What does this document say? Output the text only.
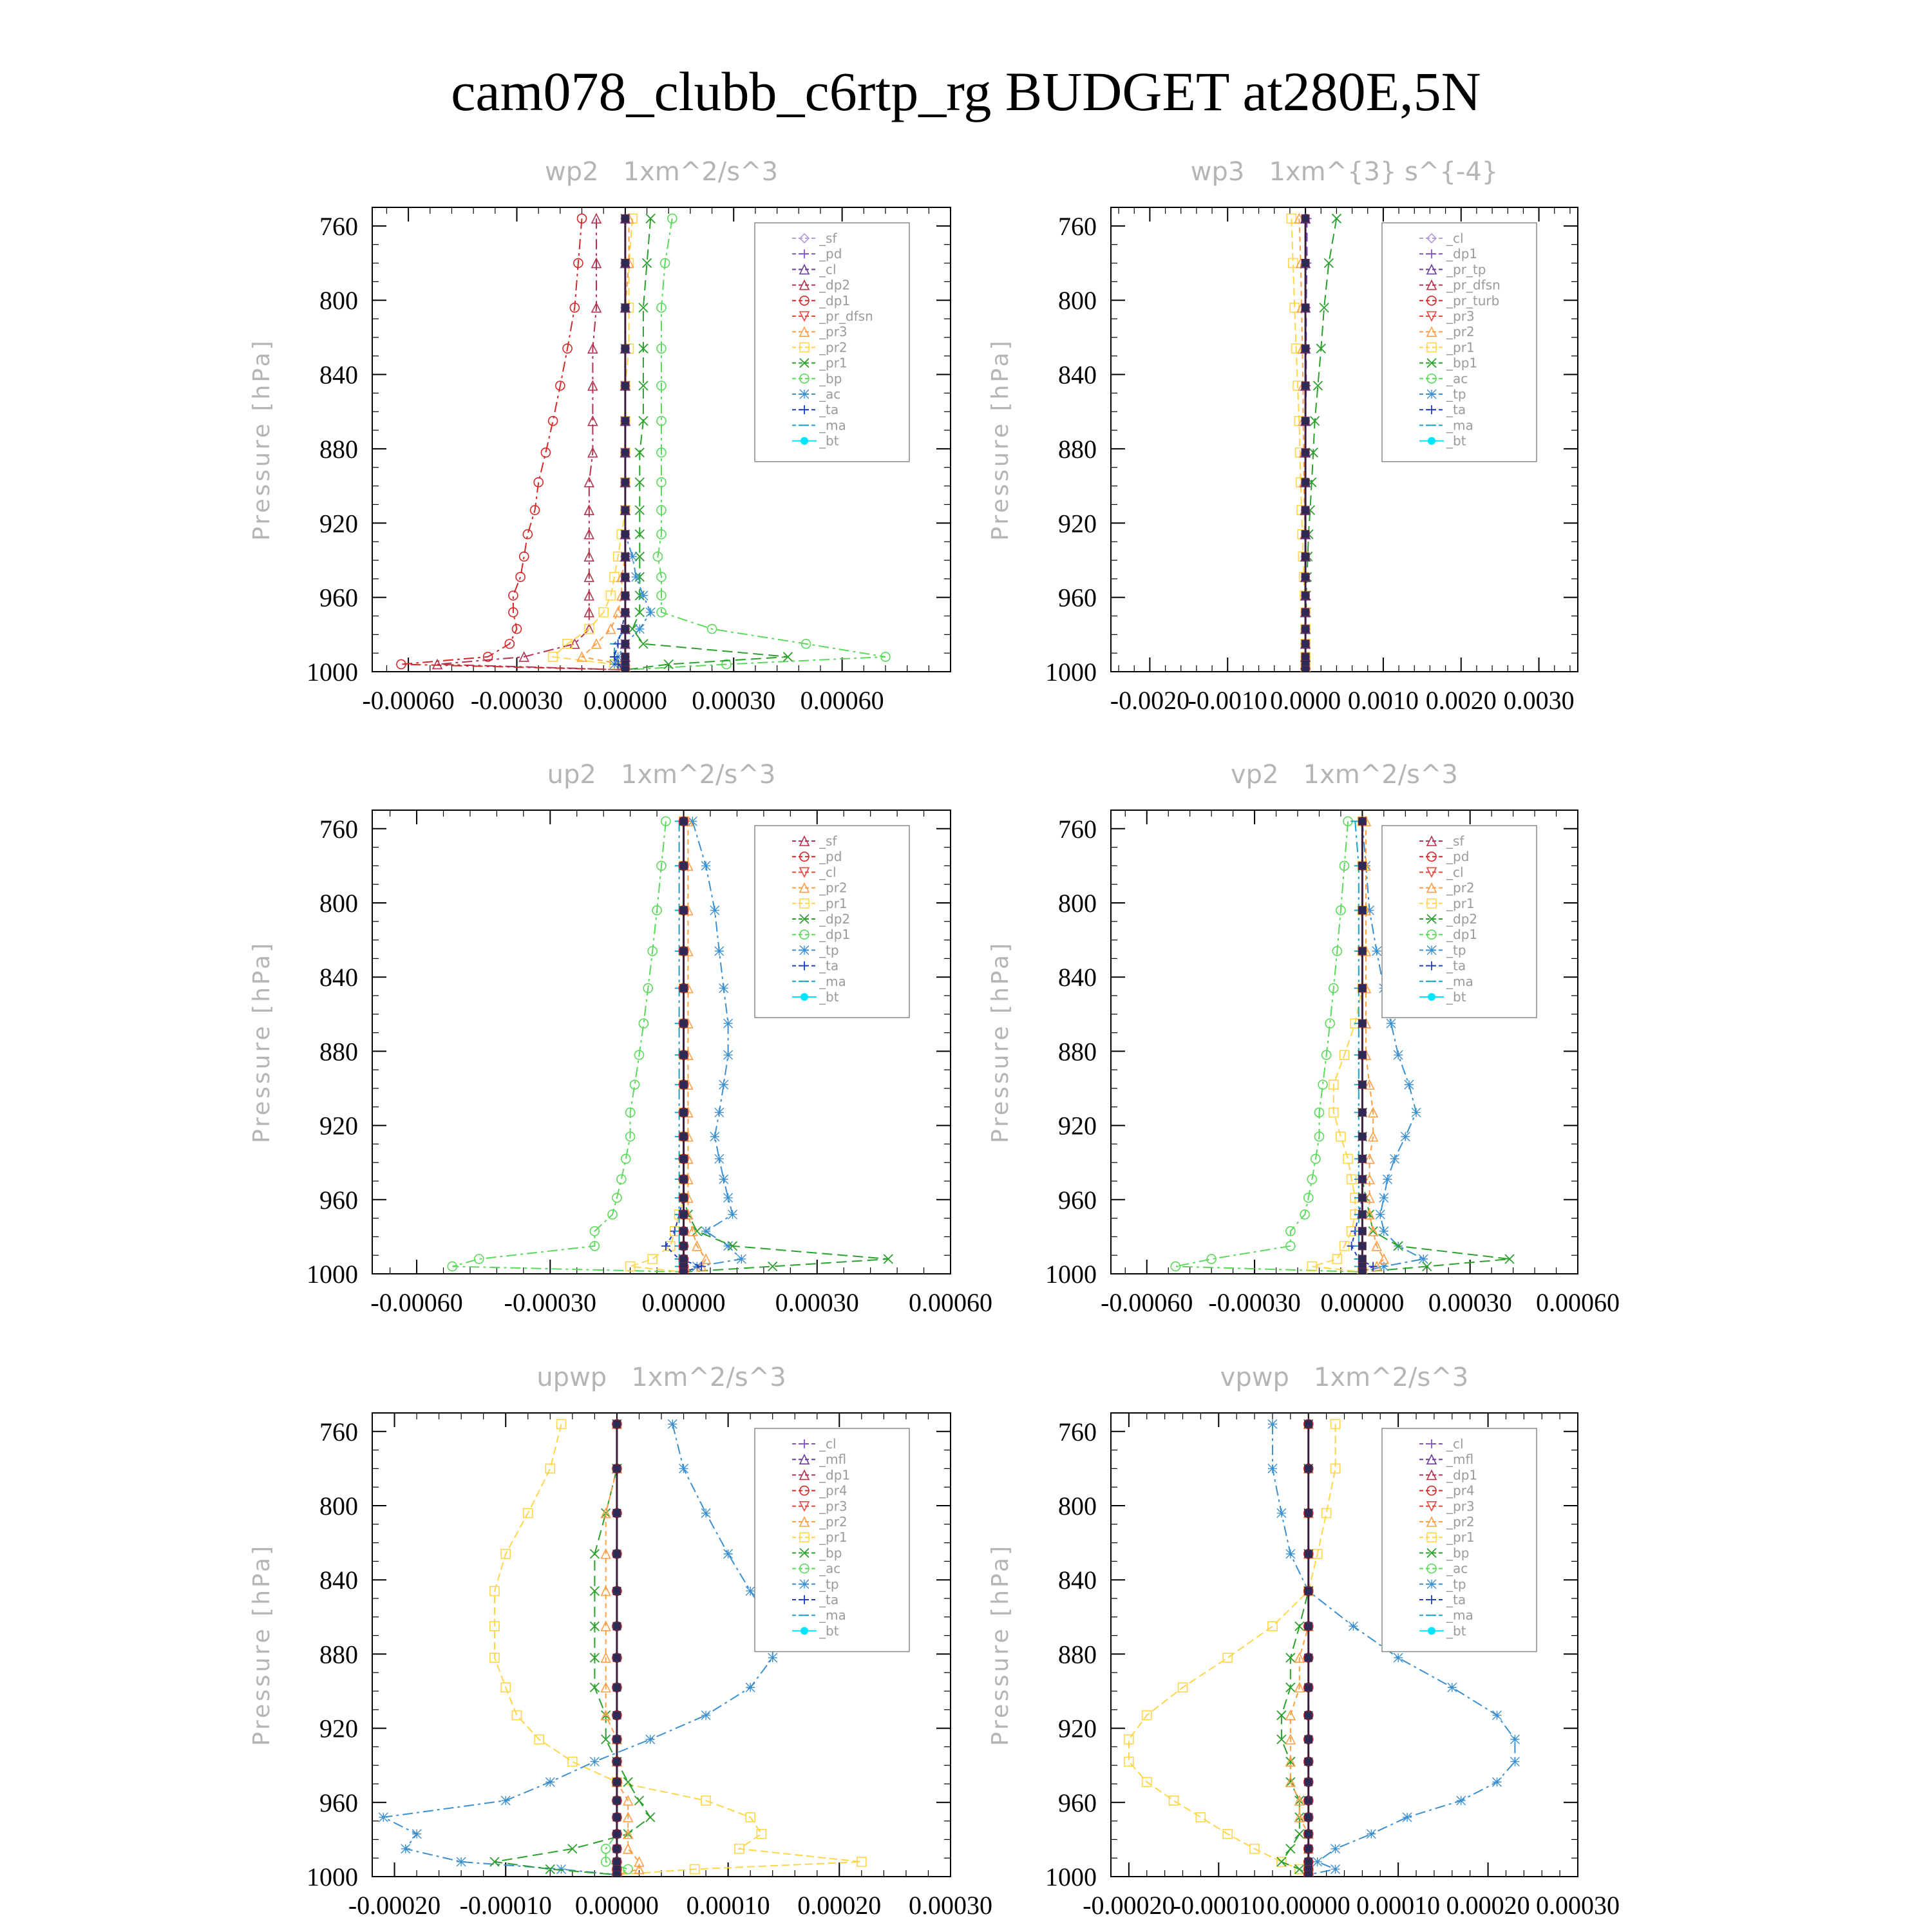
cam078_clubb_c6rtp_rg BUDGET at280E,5N
wp2   1xm^2/s^3
Pressure [hPa]
760
800
840
880
920
960
1000
-0.00060 -0.00030 0.00000 0.00030 0.00060
_sf
_pd
_cl
_dp2
_dp1
_pr_dfsn
_pr3
_pr2
_pr1
_bp
_ac
_ta
_ma
_bt
wp3   1xm^{3} s^{-4}
Pressure [hPa]
760
800
840
880
920
960
1000
-0.0020
-0.0010 0.0000 0.0010 0.0020 0.0030
_cl
_dp1
_pr_tp
_pr_dfsn
_pr_turb
_pr3
_pr2
_pr1
_bp1
_ac
_tp
_ta
_ma
_bt
up2   1xm^2/s^3
Pressure [hPa]
760
800
840
880
920
960
1000
-0.00060 -0.00030 0.00000 0.00030 0.00060
_sf
_pd
_cl
_pr2
_pr1
_dp2
_dp1
_tp
_ta
_ma
_bt
vp2   1xm^2/s^3
Pressure [hPa]
760
800
840
880
920
960
1000
-0.00060 -0.00030 0.00000 0.00030 0.00060
_sf
_pd
_cl
_pr2
_pr1
_dp2
_dp1
_tp
_ta
_ma
_bt
upwp   1xm^2/s^3
Pressure [hPa]
760
800
840
880
920
960
1000
-0.00020 -0.00010 0.00000 0.00010 0.00020 0.00030
_cl
_mfl
_dp1
_pr4
_pr3
_pr2
_pr1
_bp
_ac
_tp
_ta
_ma
_bt
vpwp   1xm^2/s^3
Pressure [hPa]
760
800
840
880
920
960
1000
-0.00020
-0.00010 0.00000 0.00010 0.00020 0.00030
_cl
_mfl
_dp1
_pr4
_pr3
_pr2
_pr1
_bp
_ac
_tp
_ta
_ma
_bt
